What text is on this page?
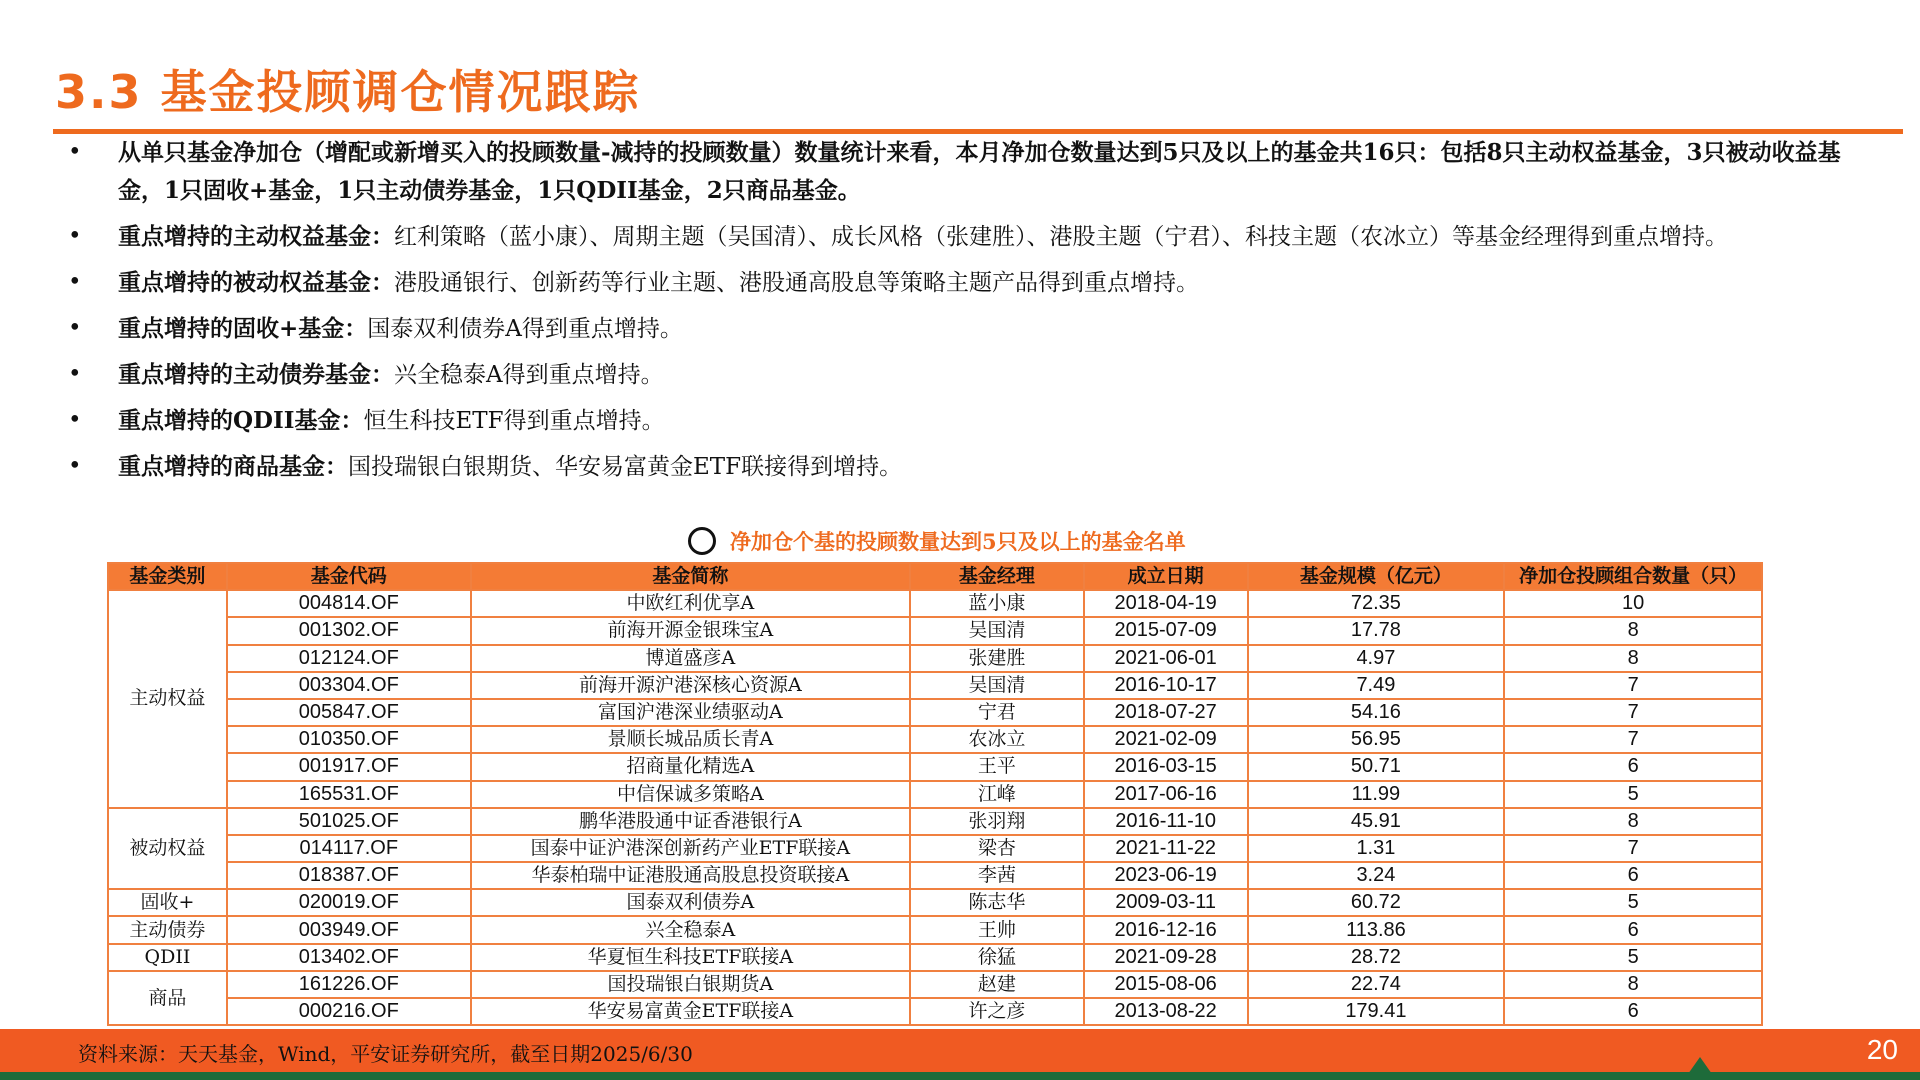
3.3 基金投顾调仓情况跟踪
• 从单只基金净加仓（增配或新增买入的投顾数量-减持的投顾数量）数量统计来看，本月净加仓数量达到5只及以上的基金共16只：包括8只主动权益基金，3只被动收益基金，1只固收+基金，1只主动债券基金，1只QDII基金，2只商品基金。
• 重点增持的主动权益基金：红利策略（蓝小康）、周期主题（吴国清）、成长风格（张建胜）、港股主题（宁君）、科技主题（农冰立）等基金经理得到重点增持。
• 重点增持的被动权益基金：港股通银行、创新药等行业主题、港股通高股息等策略主题产品得到重点增持。
• 重点增持的固收+基金：国泰双利债券A得到重点增持。
• 重点增持的主动债券基金：兴全稳泰A得到重点增持。
• 重点增持的QDII基金：恒生科技ETF得到重点增持。
• 重点增持的商品基金：国投瑞银白银期货、华安易富黄金ETF联接得到增持。
净加仓个基的投顾数量达到5只及以上的基金名单
基金类别	基金代码	基金简称	基金经理	成立日期	基金规模（亿元）	净加仓投顾组合数量（只）
主动权益	004814.OF	中欧红利优享A	蓝小康	2018-04-19	72.35	10
	001302.OF	前海开源金银珠宝A	吴国清	2015-07-09	17.78	8
	012124.OF	博道盛彦A	张建胜	2021-06-01	4.97	8
	003304.OF	前海开源沪港深核心资源A	吴国清	2016-10-17	7.49	7
	005847.OF	富国沪港深业绩驱动A	宁君	2018-07-27	54.16	7
	010350.OF	景顺长城品质长青A	农冰立	2021-02-09	56.95	7
	001917.OF	招商量化精选A	王平	2016-03-15	50.71	6
	165531.OF	中信保诚多策略A	江峰	2017-06-16	11.99	5
被动权益	501025.OF	鹏华港股通中证香港银行A	张羽翔	2016-11-10	45.91	8
	014117.OF	国泰中证沪港深创新药产业ETF联接A	梁杏	2021-11-22	1.31	7
	018387.OF	华泰柏瑞中证港股通高股息投资联接A	李茜	2023-06-19	3.24	6
固收+	020019.OF	国泰双利债券A	陈志华	2009-03-11	60.72	5
主动债券	003949.OF	兴全稳泰A	王帅	2016-12-16	113.86	6
QDII	013402.OF	华夏恒生科技ETF联接A	徐猛	2021-09-28	28.72	5
商品	161226.OF	国投瑞银白银期货A	赵建	2015-08-06	22.74	8
	000216.OF	华安易富黄金ETF联接A	许之彦	2013-08-22	179.41	6
资料来源：天天基金，Wind，平安证券研究所，截至日期2025/6/30	20
